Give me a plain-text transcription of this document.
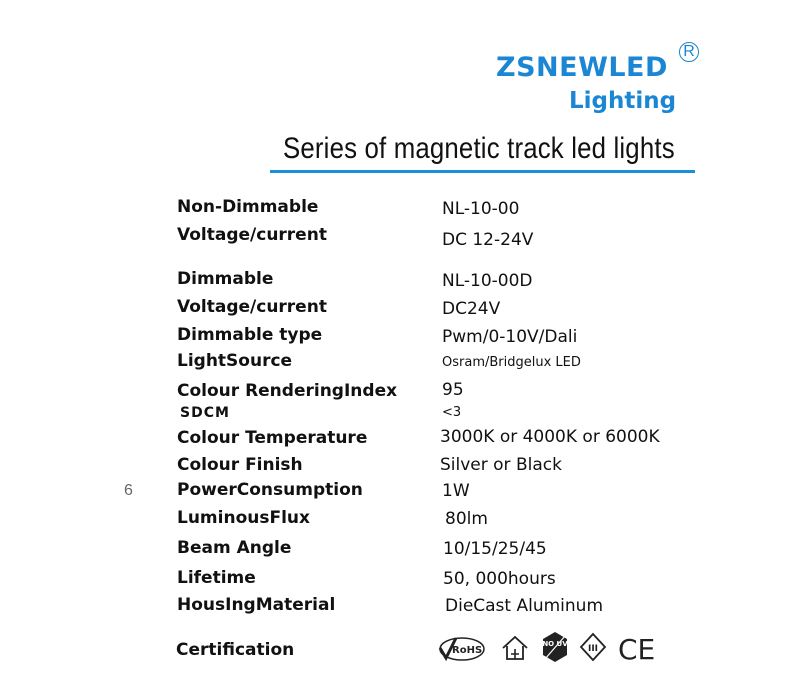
ZSNEWLED
R
Lighting
Series of magnetic track led lights
Non-Dimmable	NL-10-00
Voltage/current	DC 12-24V
Dimmable	NL-10-00D
Voltage/current	DC24V
Dimmable type	Pwm/0-10V/Dali
LightSource	Osram/Bridgelux LED
Colour RenderingIndex	95
SDCM	<3
Colour Temperature	3000K or 4000K or 6000K
Colour Finish	Silver or Black
PowerConsumption	1W
LuminousFlux	80lm
Beam Angle	10/15/25/45
Lifetime	50, 000hours
HousIngMaterial	DieCast Aluminum
6
Certification	RoHS
NO UV III CE
